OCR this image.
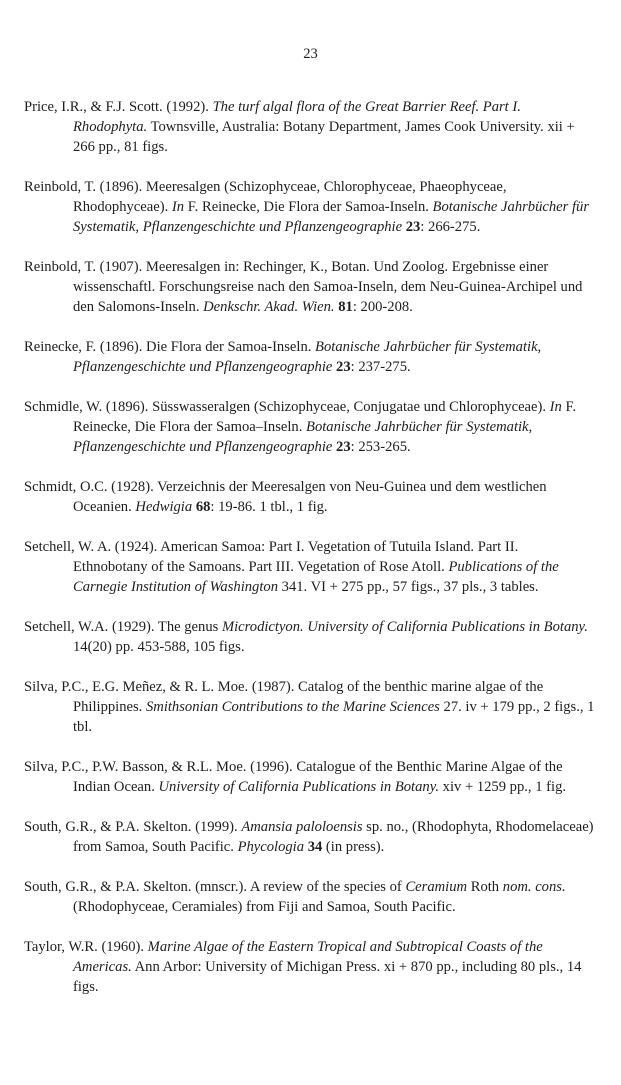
23

Price, I.R., & F.J. Scott. (1992). The turf algal flora of the Great Barrier Reef. Part I. Rhodophyta. Townsville, Australia: Botany Department, James Cook University. xii + 266 pp., 81 figs.

Reinbold, T. (1896). Meeresalgen (Schizophyceae, Chlorophyceae, Phaeophyceae, Rhodophyceae). In F. Reinecke, Die Flora der Samoa-Inseln. Botanische Jahrbücher für Systematik, Pflanzengeschichte und Pflanzengeographie 23: 266-275.

Reinbold, T. (1907). Meeresalgen in: Rechinger, K., Botan. Und Zoolog. Ergebnisse einer wissenschaftl. Forschungsreise nach den Samoa-Inseln, dem Neu-Guinea-Archipel und den Salomons-Inseln. Denkschr. Akad. Wien. 81: 200-208.

Reinecke, F. (1896). Die Flora der Samoa-Inseln. Botanische Jahrbücher für Systematik, Pflanzengeschichte und Pflanzengeographie 23: 237-275.

Schmidle, W. (1896). Süsswasseralgen (Schizophyceae, Conjugatae und Chlorophyceae). In F. Reinecke, Die Flora der Samoa–Inseln. Botanische Jahrbücher für Systematik, Pflanzengeschichte und Pflanzengeographie 23: 253-265.

Schmidt, O.C. (1928). Verzeichnis der Meeresalgen von Neu-Guinea und dem westlichen Oceanien. Hedwigia 68: 19-86. 1 tbl., 1 fig.

Setchell, W. A. (1924). American Samoa: Part I. Vegetation of Tutuila Island. Part II. Ethnobotany of the Samoans. Part III. Vegetation of Rose Atoll. Publications of the Carnegie Institution of Washington 341. VI + 275 pp., 57 figs., 37 pls., 3 tables.

Setchell, W.A. (1929). The genus Microdictyon. University of California Publications in Botany. 14(20) pp. 453-588, 105 figs.

Silva, P.C., E.G. Meñez, & R. L. Moe. (1987). Catalog of the benthic marine algae of the Philippines. Smithsonian Contributions to the Marine Sciences 27. iv + 179 pp., 2 figs., 1 tbl.

Silva, P.C., P.W. Basson, & R.L. Moe. (1996). Catalogue of the Benthic Marine Algae of the Indian Ocean. University of California Publications in Botany. xiv + 1259 pp., 1 fig.

South, G.R., & P.A. Skelton. (1999). Amansia paloloensis sp. no., (Rhodophyta, Rhodomelaceae) from Samoa, South Pacific. Phycologia 34 (in press).

South, G.R., & P.A. Skelton. (mnscr.). A review of the species of Ceramium Roth nom. cons. (Rhodophyceae, Ceramiales) from Fiji and Samoa, South Pacific.

Taylor, W.R. (1960). Marine Algae of the Eastern Tropical and Subtropical Coasts of the Americas. Ann Arbor: University of Michigan Press. xi + 870 pp., including 80 pls., 14 figs.
